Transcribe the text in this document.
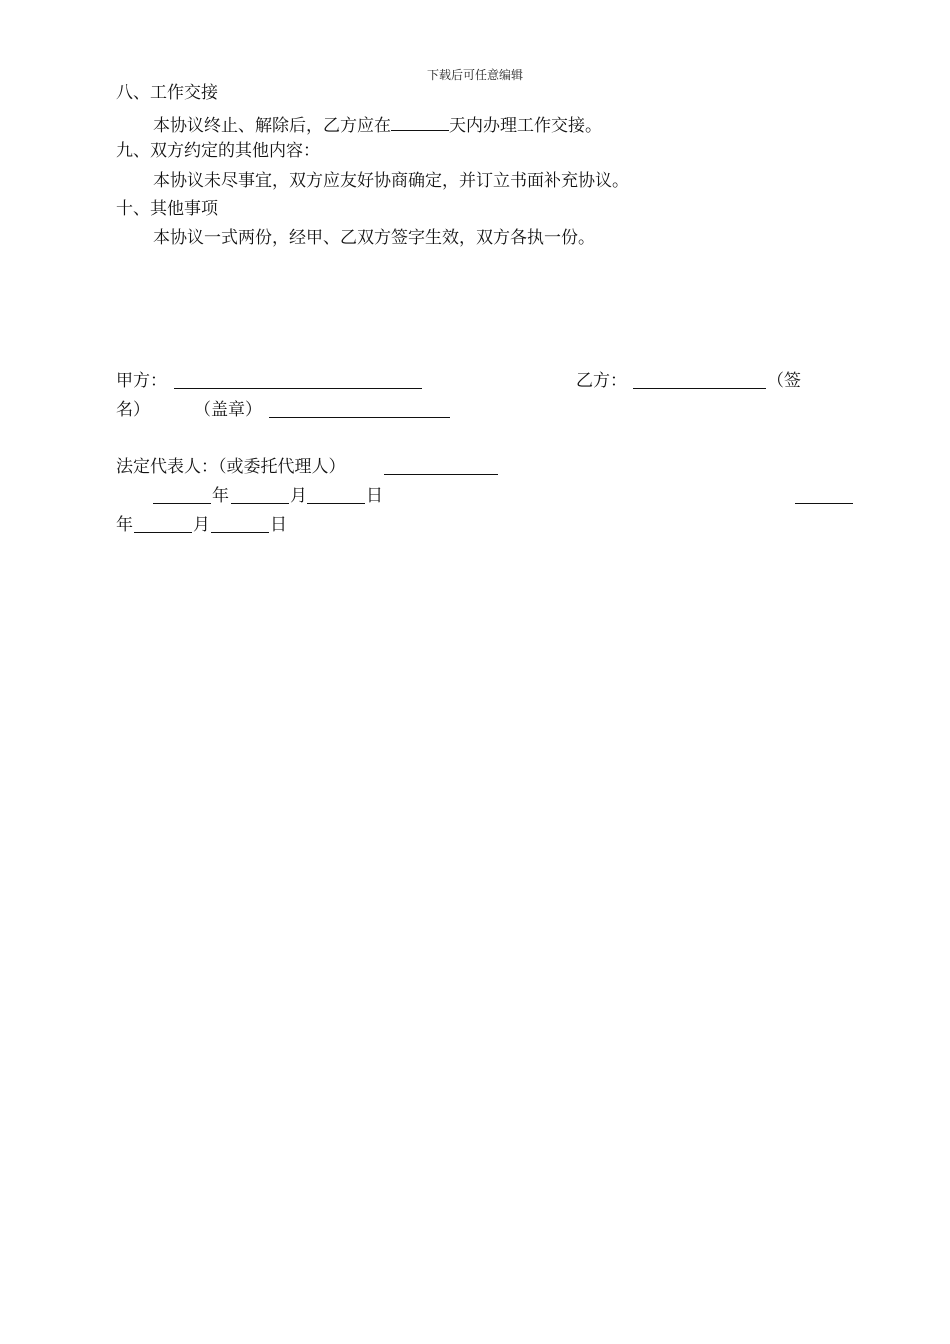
下载后可任意编辑
八、工作交接
本协议终止、解除后，乙方应在	天内办理工作交接。
九、双方约定的其他内容：
本协议未尽事宜，双方应友好协商确定，并订立书面补充协议。
十、其他事项
本协议一式两份，经甲、乙双方签字生效，双方各执一份。
甲方：	乙方：	（签
名）	（盖章）
法定代表人：（或委托代理人）
年	月	日
年	月	日
